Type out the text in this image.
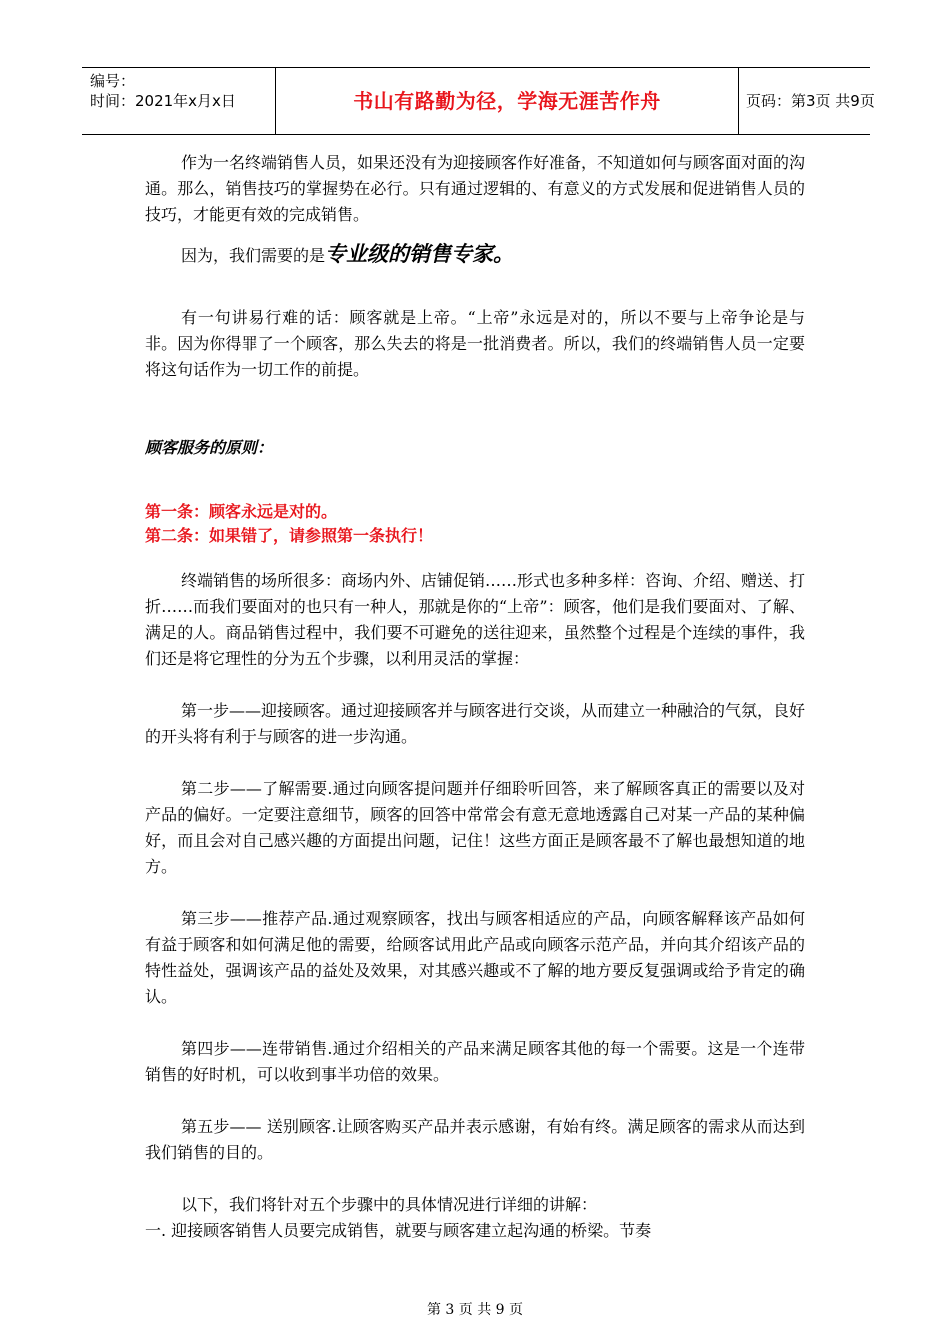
编号：
时间：2021年x月x日	书山有路勤为径，学海无涯苦作舟	页码：第3页 共9页

作为一名终端销售人员，如果还没有为迎接顾客作好准备，不知道如何与顾客面对面的沟通。那么，销售技巧的掌握势在必行。只有通过逻辑的、有意义的方式发展和促进销售人员的技巧，才能更有效的完成销售。

因为，我们需要的是专业级的销售专家。

有一句讲易行难的话：顾客就是上帝。“上帝”永远是对的，所以不要与上帝争论是与非。因为你得罪了一个顾客，那么失去的将是一批消费者。所以，我们的终端销售人员一定要将这句话作为一切工作的前提。

顾客服务的原则：

第一条：顾客永远是对的。

第二条：如果错了，请参照第一条执行！

终端销售的场所很多：商场内外、店铺促销……形式也多种多样：咨询、介绍、赠送、打折……而我们要面对的也只有一种人，那就是你的“上帝”：顾客，他们是我们要面对、了解、满足的人。商品销售过程中，我们要不可避免的送往迎来，虽然整个过程是个连续的事件，我们还是将它理性的分为五个步骤，以利用灵活的掌握：

第一步——迎接顾客。通过迎接顾客并与顾客进行交谈，从而建立一种融洽的气氛，良好的开头将有利于与顾客的进一步沟通。

第二步——了解需要.通过向顾客提问题并仔细聆听回答，来了解顾客真正的需要以及对产品的偏好。一定要注意细节，顾客的回答中常常会有意无意地透露自己对某一产品的某种偏好，而且会对自己感兴趣的方面提出问题，记住！这些方面正是顾客最不了解也最想知道的地方。

第三步——推荐产品.通过观察顾客，找出与顾客相适应的产品，向顾客解释该产品如何有益于顾客和如何满足他的需要，给顾客试用此产品或向顾客示范产品，并向其介绍该产品的特性益处，强调该产品的益处及效果，对其感兴趣或不了解的地方要反复强调或给予肯定的确认。

第四步——连带销售.通过介绍相关的产品来满足顾客其他的每一个需要。这是一个连带销售的好时机，可以收到事半功倍的效果。

第五步—— 送别顾客.让顾客购买产品并表示感谢，有始有终。满足顾客的需求从而达到我们销售的目的。

以下，我们将针对五个步骤中的具体情况进行详细的讲解：

一. 迎接顾客销售人员要完成销售，就要与顾客建立起沟通的桥梁。节奏

第 3 页 共 9 页
